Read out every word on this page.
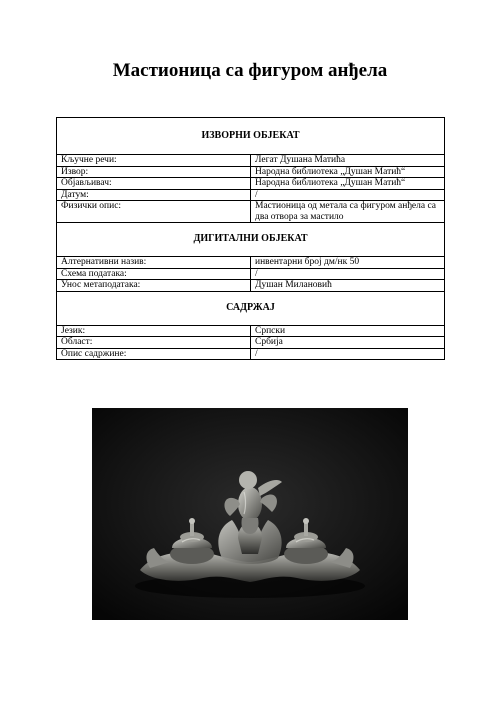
Мастионица са фигуром анђела
ИЗВОРНИ ОБЈЕКАТ	
Кључне речи:	Легат Душана Матића
Извор:	Народна библиотека „Душан Матић“
Објављивач:	Народна библиотека „Душан Матић“
Датум:	/
Физички опис:	Мастионица од метала са фигуром анђела са два отвора за мастило
ДИГИТАЛНИ ОБЈЕКАТ	
Алтернативни назив:	инвентарни број дм/нк 50
Схема података:	/
Унос метаподатака:	Душан Милановић
САДРЖАЈ	
Језик:	Српски
Област:	Србија
Опис садржине:	/
